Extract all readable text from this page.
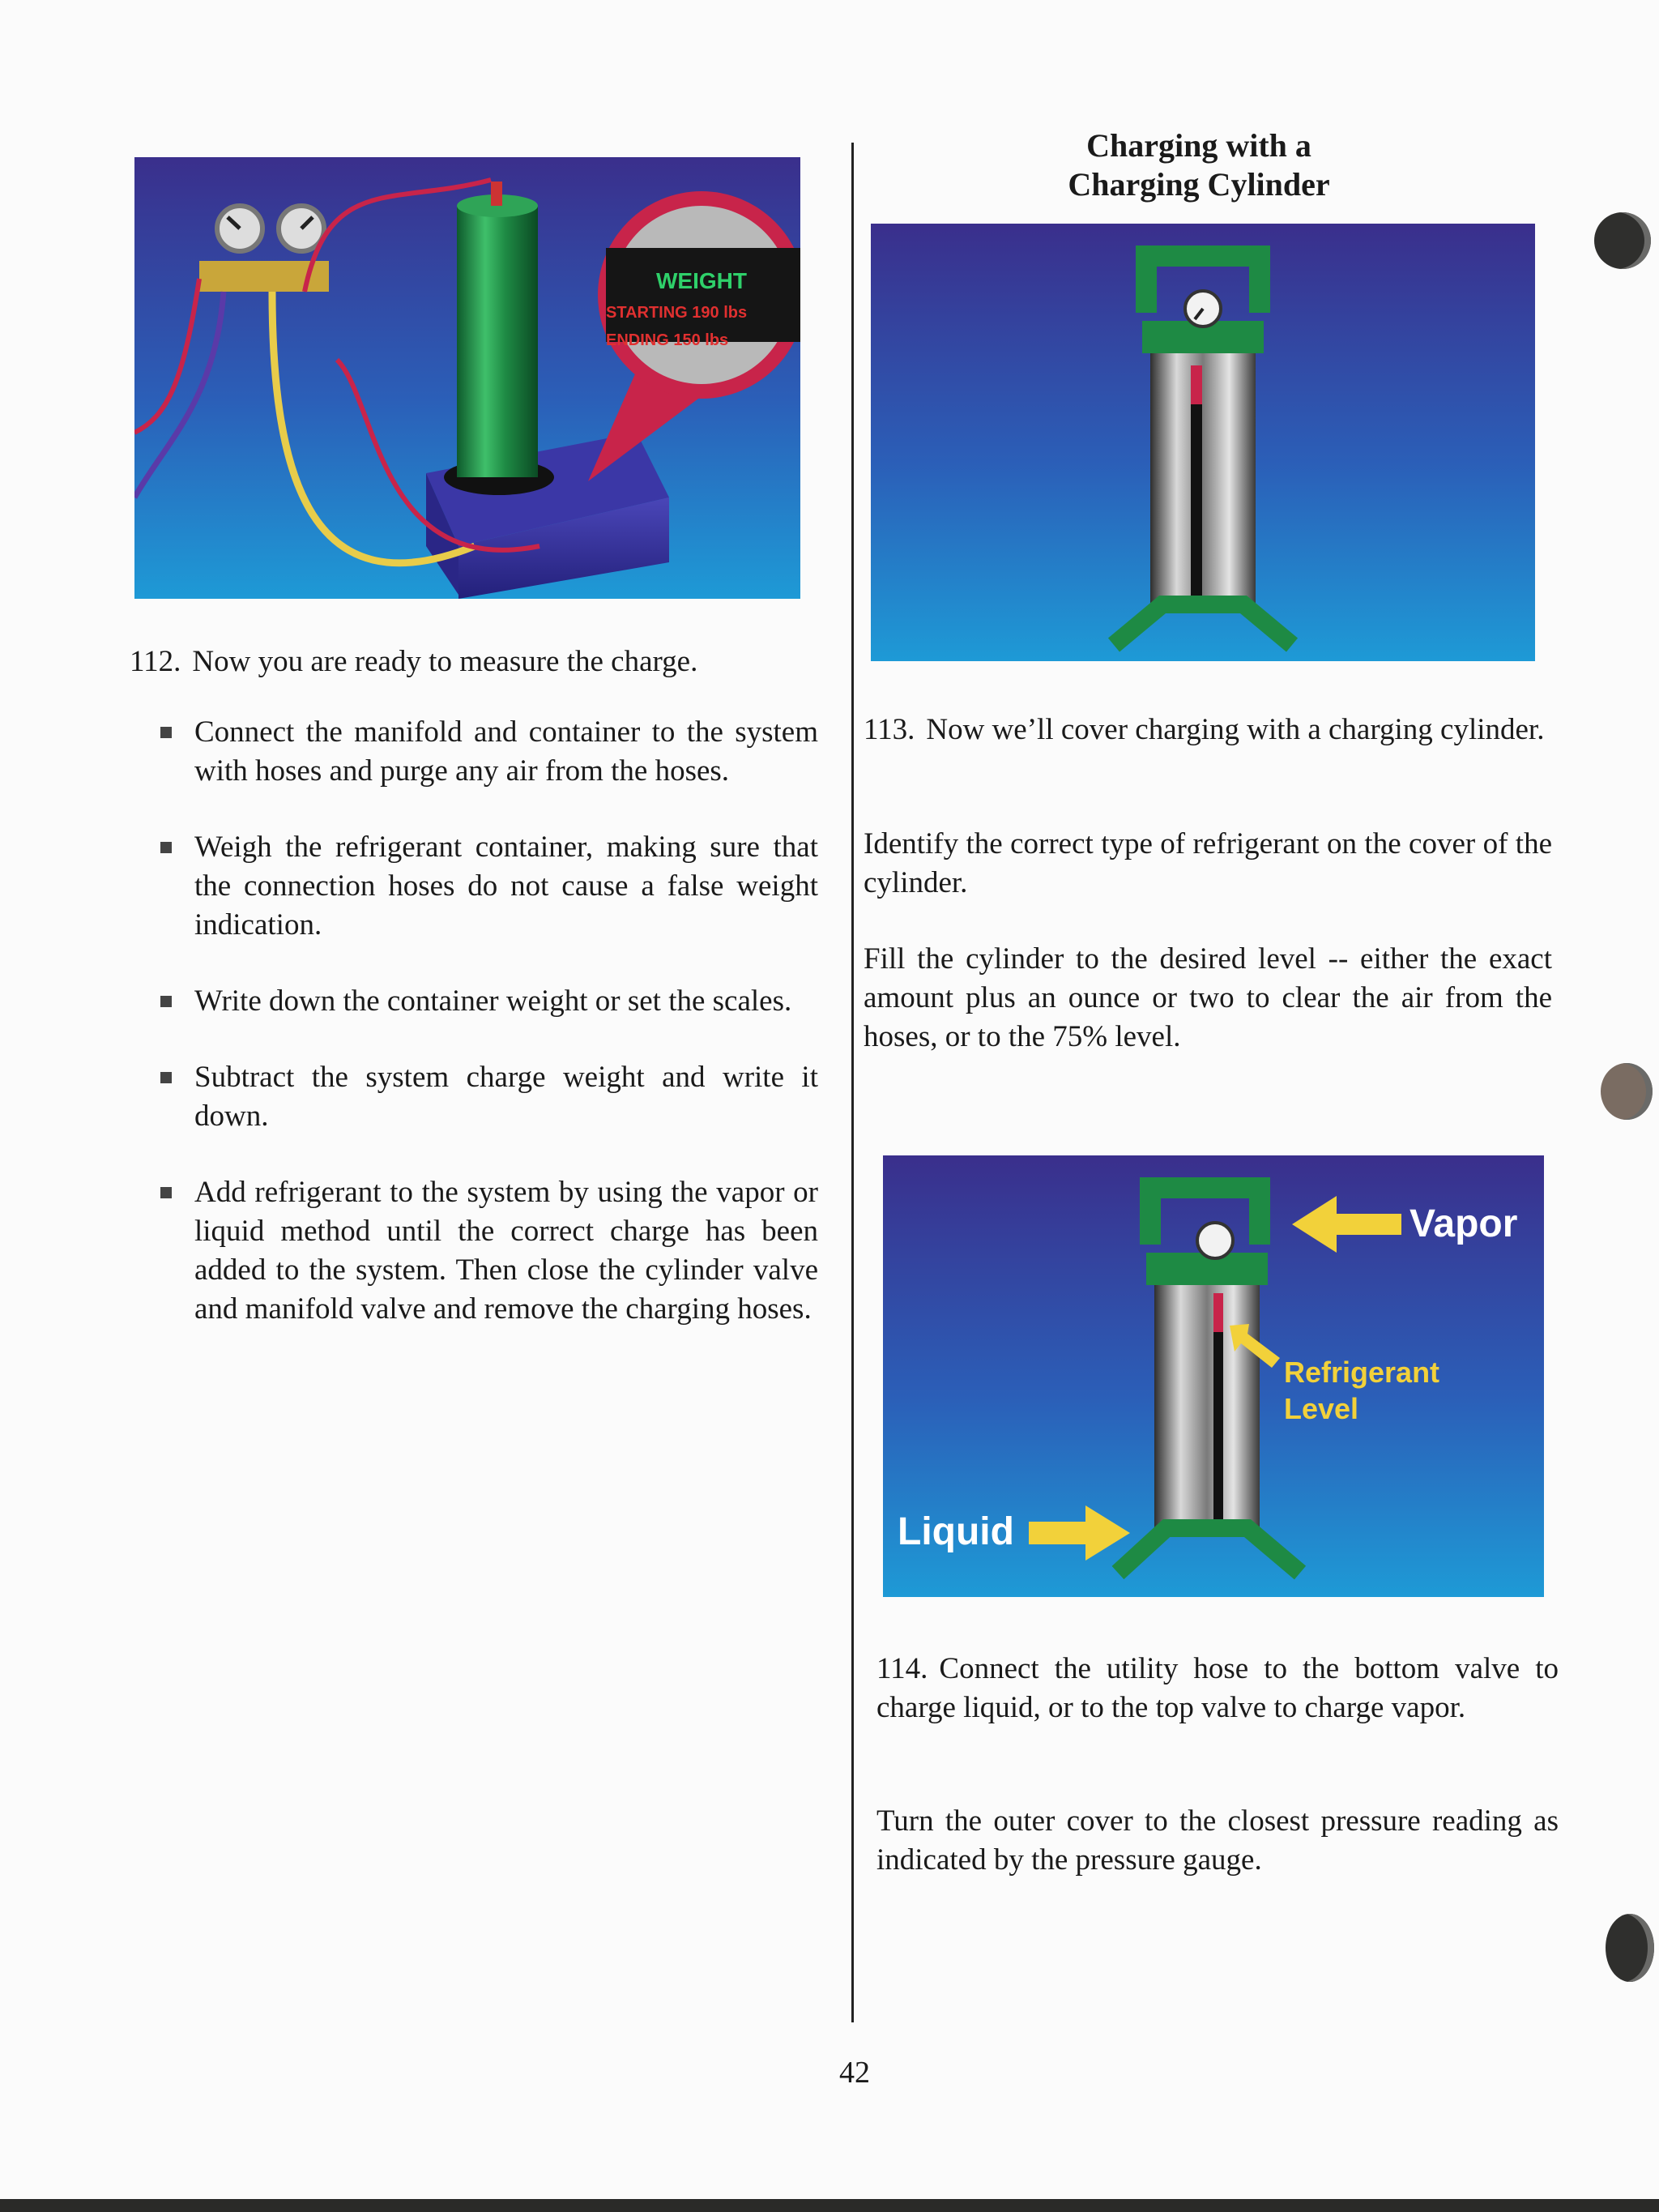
WEIGHT
STARTING 190 lbs
ENDING 150 lbs
Charging with a
Charging Cylinder
Vapor
Refrigerant
Level
Liquid
112. Now you are ready to measure the charge.
Connect the manifold and container to the system with hoses and purge any air from the hoses.
Weigh the refrigerant container, making sure that the connection hoses do not cause a false weight indication.
Write down the container weight or set the scales.
Subtract the system charge weight and write it down.
Add refrigerant to the system by using the vapor or liquid method until the correct charge has been added to the system. Then close the cylinder valve and manifold valve and remove the charging hoses.
113. Now we’ll cover charging with a charging cylinder.
Identify the correct type of refrigerant on the cover of the cylinder.
Fill the cylinder to the desired level -- either the exact amount plus an ounce or two to clear the air from the hoses, or to the 75% level.
114. Connect the utility hose to the bottom valve to charge liquid, or to the top valve to charge vapor.
Turn the outer cover to the closest pressure reading as indicated by the pressure gauge.
42
